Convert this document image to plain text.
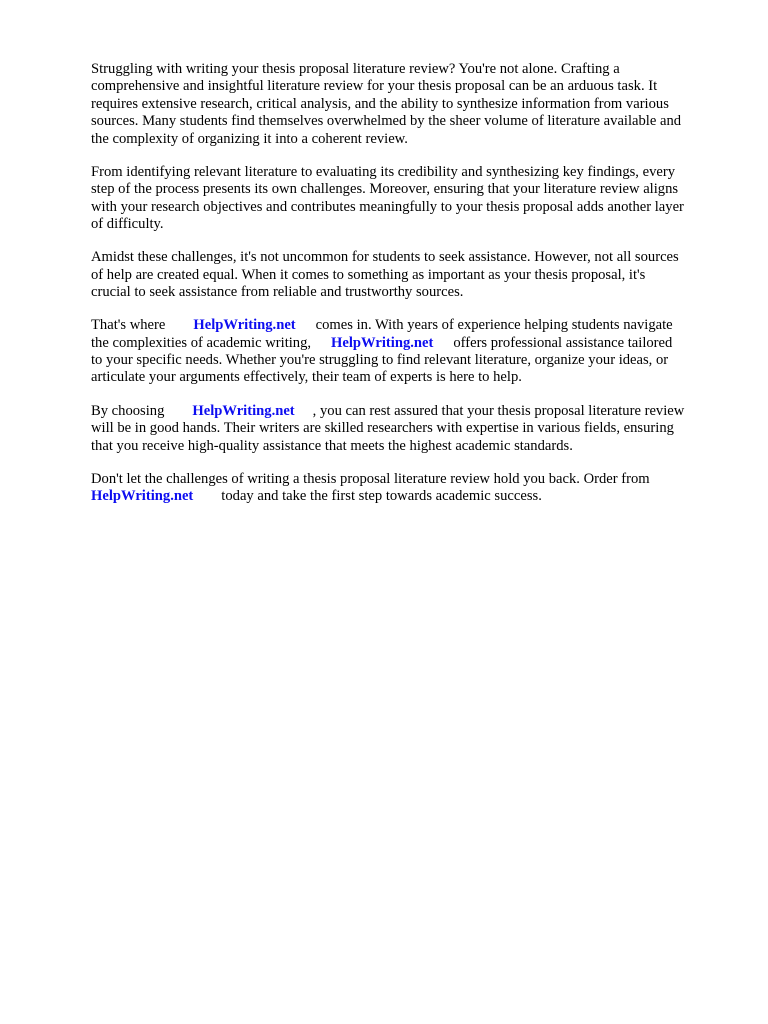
Struggling with writing your thesis proposal literature review? You're not alone. Crafting a
comprehensive and insightful literature review for your thesis proposal can be an arduous task. It
requires extensive research, critical analysis, and the ability to synthesize information from various
sources. Many students find themselves overwhelmed by the sheer volume of literature available and
the complexity of organizing it into a coherent review.

From identifying relevant literature to evaluating its credibility and synthesizing key findings, every
step of the process presents its own challenges. Moreover, ensuring that your literature review aligns
with your research objectives and contributes meaningfully to your thesis proposal adds another layer
of difficulty.

Amidst these challenges, it's not uncommon for students to seek assistance. However, not all sources
of help are created equal. When it comes to something as important as your thesis proposal, it's
crucial to seek assistance from reliable and trustworthy sources.

That's where HelpWriting.net comes in. With years of experience helping students navigate
the complexities of academic writing, HelpWriting.net offers professional assistance tailored
to your specific needs. Whether you're struggling to find relevant literature, organize your ideas, or
articulate your arguments effectively, their team of experts is here to help.

By choosing HelpWriting.net , you can rest assured that your thesis proposal literature review
will be in good hands. Their writers are skilled researchers with expertise in various fields, ensuring
that you receive high-quality assistance that meets the highest academic standards.

Don't let the challenges of writing a thesis proposal literature review hold you back. Order from
HelpWriting.net today and take the first step towards academic success.
